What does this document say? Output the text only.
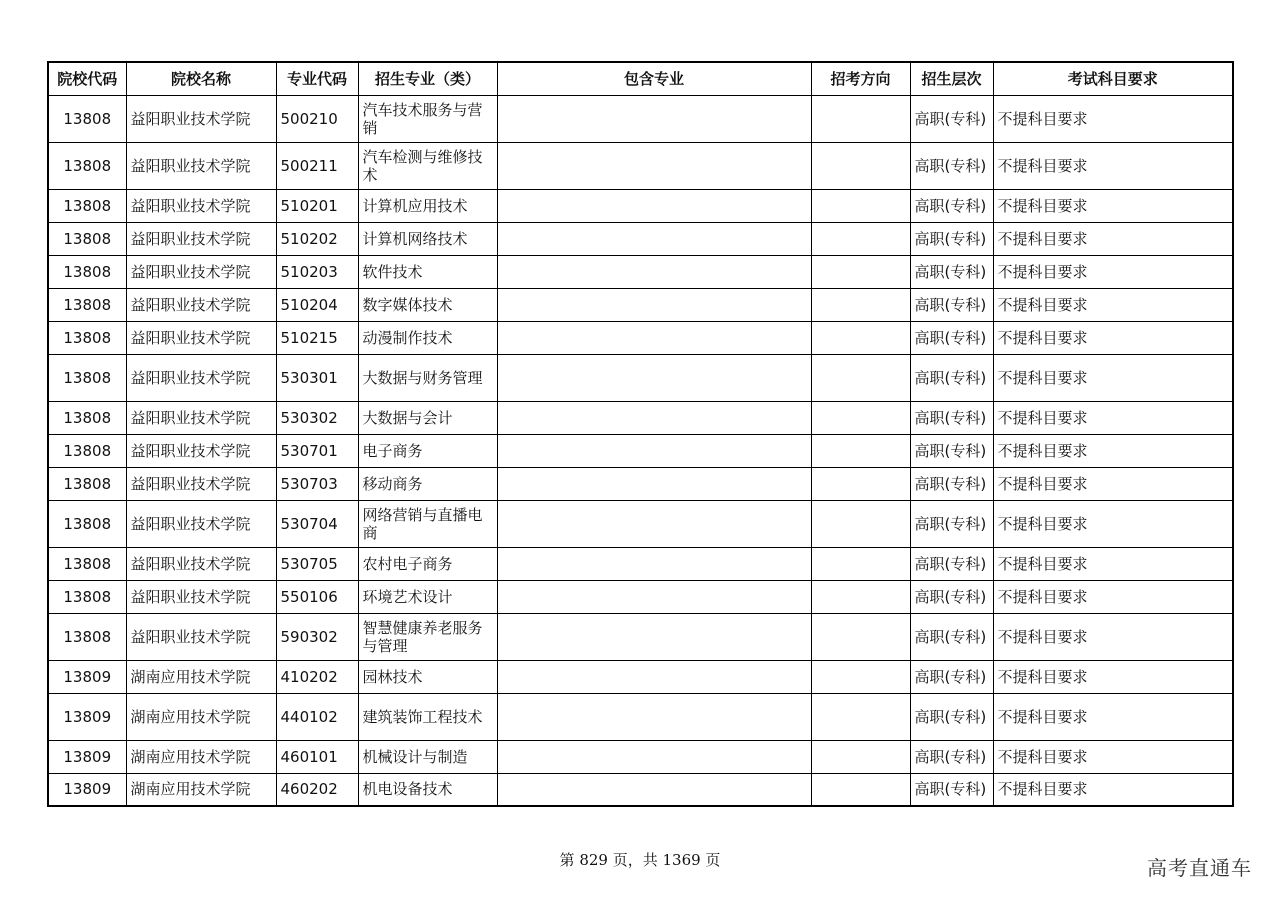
院校代码	院校名称	专业代码	招生专业（类）	包含专业	招考方向	招生层次	考试科目要求
13808	益阳职业技术学院	500210	汽车技术服务与营销			高职(专科)	不提科目要求
13808	益阳职业技术学院	500211	汽车检测与维修技术			高职(专科)	不提科目要求
13808	益阳职业技术学院	510201	计算机应用技术			高职(专科)	不提科目要求
13808	益阳职业技术学院	510202	计算机网络技术			高职(专科)	不提科目要求
13808	益阳职业技术学院	510203	软件技术			高职(专科)	不提科目要求
13808	益阳职业技术学院	510204	数字媒体技术			高职(专科)	不提科目要求
13808	益阳职业技术学院	510215	动漫制作技术			高职(专科)	不提科目要求
13808	益阳职业技术学院	530301	大数据与财务管理			高职(专科)	不提科目要求
13808	益阳职业技术学院	530302	大数据与会计			高职(专科)	不提科目要求
13808	益阳职业技术学院	530701	电子商务			高职(专科)	不提科目要求
13808	益阳职业技术学院	530703	移动商务			高职(专科)	不提科目要求
13808	益阳职业技术学院	530704	网络营销与直播电商			高职(专科)	不提科目要求
13808	益阳职业技术学院	530705	农村电子商务			高职(专科)	不提科目要求
13808	益阳职业技术学院	550106	环境艺术设计			高职(专科)	不提科目要求
13808	益阳职业技术学院	590302	智慧健康养老服务与管理			高职(专科)	不提科目要求
13809	湖南应用技术学院	410202	园林技术			高职(专科)	不提科目要求
13809	湖南应用技术学院	440102	建筑装饰工程技术			高职(专科)	不提科目要求
13809	湖南应用技术学院	460101	机械设计与制造			高职(专科)	不提科目要求
13809	湖南应用技术学院	460202	机电设备技术			高职(专科)	不提科目要求
第 829 页，共 1369 页	高考直通车
